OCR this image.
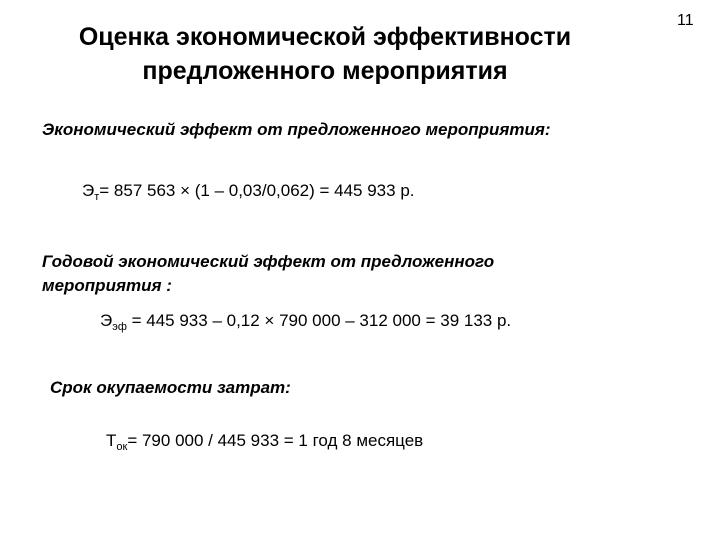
Оценка экономической эффективности
предложенного мероприятия
11
Экономический эффект от предложенного мероприятия:
$Э_т= 857$ 563 × (1 – 0,03/0,062) = 445 933 р.
Годовой экономический эффект от предложенного
мероприятия :
$Э_{эф} = 445$ 933 – 0,12 × 790 000 – 312 000 = 39 133 р.
Срок окупаемости затрат:
$Т_{ок}= 790$ 000 / 445 933 = 1 год 8 месяцев
